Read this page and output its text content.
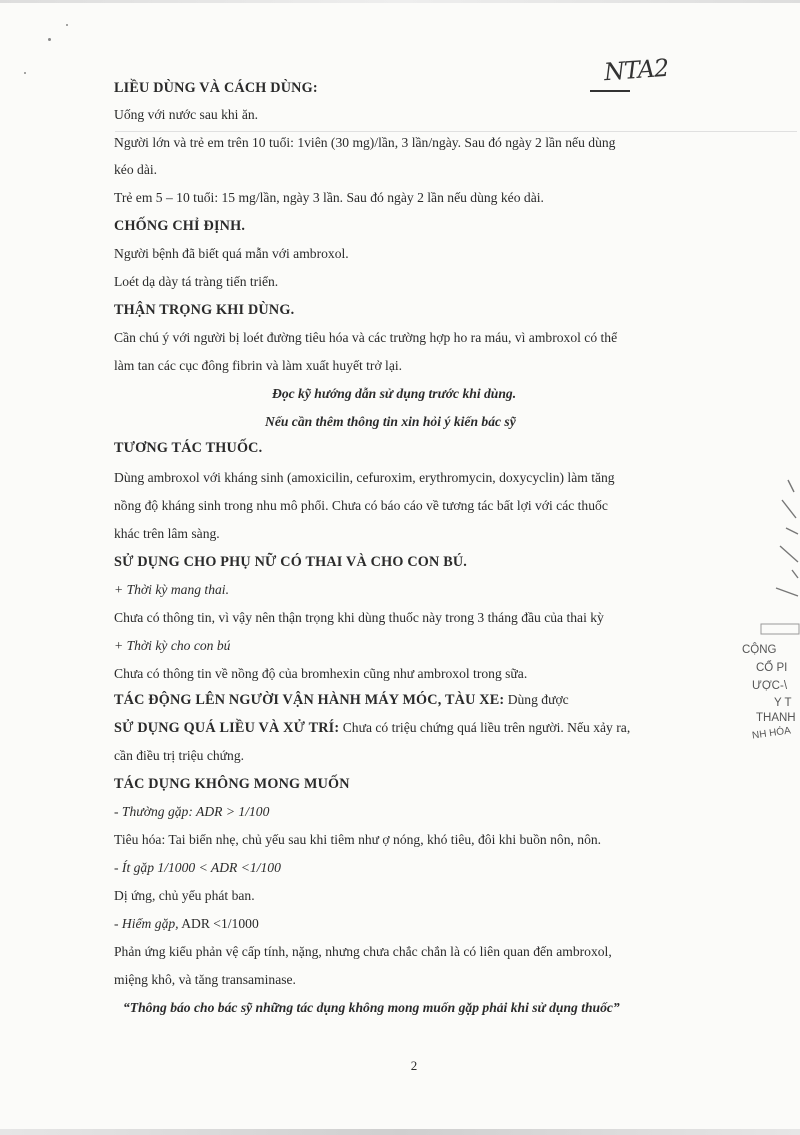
NTA2
LIỀU DÙNG VÀ CÁCH DÙNG:
Uống với nước sau khi ăn.
Người lớn và trẻ em trên 10 tuổi: 1viên (30 mg)/lần, 3 lần/ngày. Sau đó ngày 2 lần nếu dùng
kéo dài.
Trẻ em 5 – 10 tuổi: 15 mg/lần, ngày 3 lần. Sau đó ngày 2 lần nếu dùng kéo dài.
CHỐNG CHỈ ĐỊNH.
Người bệnh đã biết quá mẫn với ambroxol.
Loét dạ dày tá tràng tiến triển.
THẬN TRỌNG KHI DÙNG.
Cần chú ý với người bị loét đường tiêu hóa và các trường hợp ho ra máu, vì ambroxol có thể
làm tan các cục đông fibrin và làm xuất huyết trở lại.
Đọc kỹ hướng dẫn sử dụng trước khi dùng.
Nếu cần thêm thông tin xin hỏi ý kiến bác sỹ
TƯƠNG TÁC THUỐC.
Dùng ambroxol với kháng sinh (amoxicilin, cefuroxim, erythromycin, doxycyclin) làm tăng
nồng độ kháng sinh trong nhu mô phổi. Chưa có báo cáo về tương tác bất lợi với các thuốc
khác trên lâm sàng.
SỬ DỤNG CHO PHỤ NỮ CÓ THAI VÀ CHO CON BÚ.
+ Thời kỳ mang thai.
Chưa có thông tin, vì vậy nên thận trọng khi dùng thuốc này trong 3 tháng đầu của thai kỳ
+ Thời kỳ cho con bú
Chưa có thông tin về nồng độ của bromhexin cũng như ambroxol trong sữa.
TÁC ĐỘNG LÊN NGƯỜI VẬN HÀNH MÁY MÓC, TÀU XE: Dùng được
SỬ DỤNG QUÁ LIỀU VÀ XỬ TRÍ: Chưa có triệu chứng quá liều trên người. Nếu xảy ra,
cần điều trị triệu chứng.
TÁC DỤNG KHÔNG MONG MUỐN
- Thường gặp: ADR > 1/100
Tiêu hóa: Tai biến nhẹ, chủ yếu sau khi tiêm như ợ nóng, khó tiêu, đôi khi buồn nôn, nôn.
- Ít gặp 1/1000 < ADR <1/100
Dị ứng, chủ yếu phát ban.
- Hiếm gặp, ADR <1/1000
Phản ứng kiểu phản vệ cấp tính, nặng, nhưng chưa chắc chắn là có liên quan đến ambroxol,
miệng khô, và tăng transaminase.
“Thông báo cho bác sỹ những tác dụng không mong muốn gặp phải khi sử dụng thuốc”
2
CỘNG
CỔ PI
ƯỢC-\
Y T
THANH
NH HÓA
